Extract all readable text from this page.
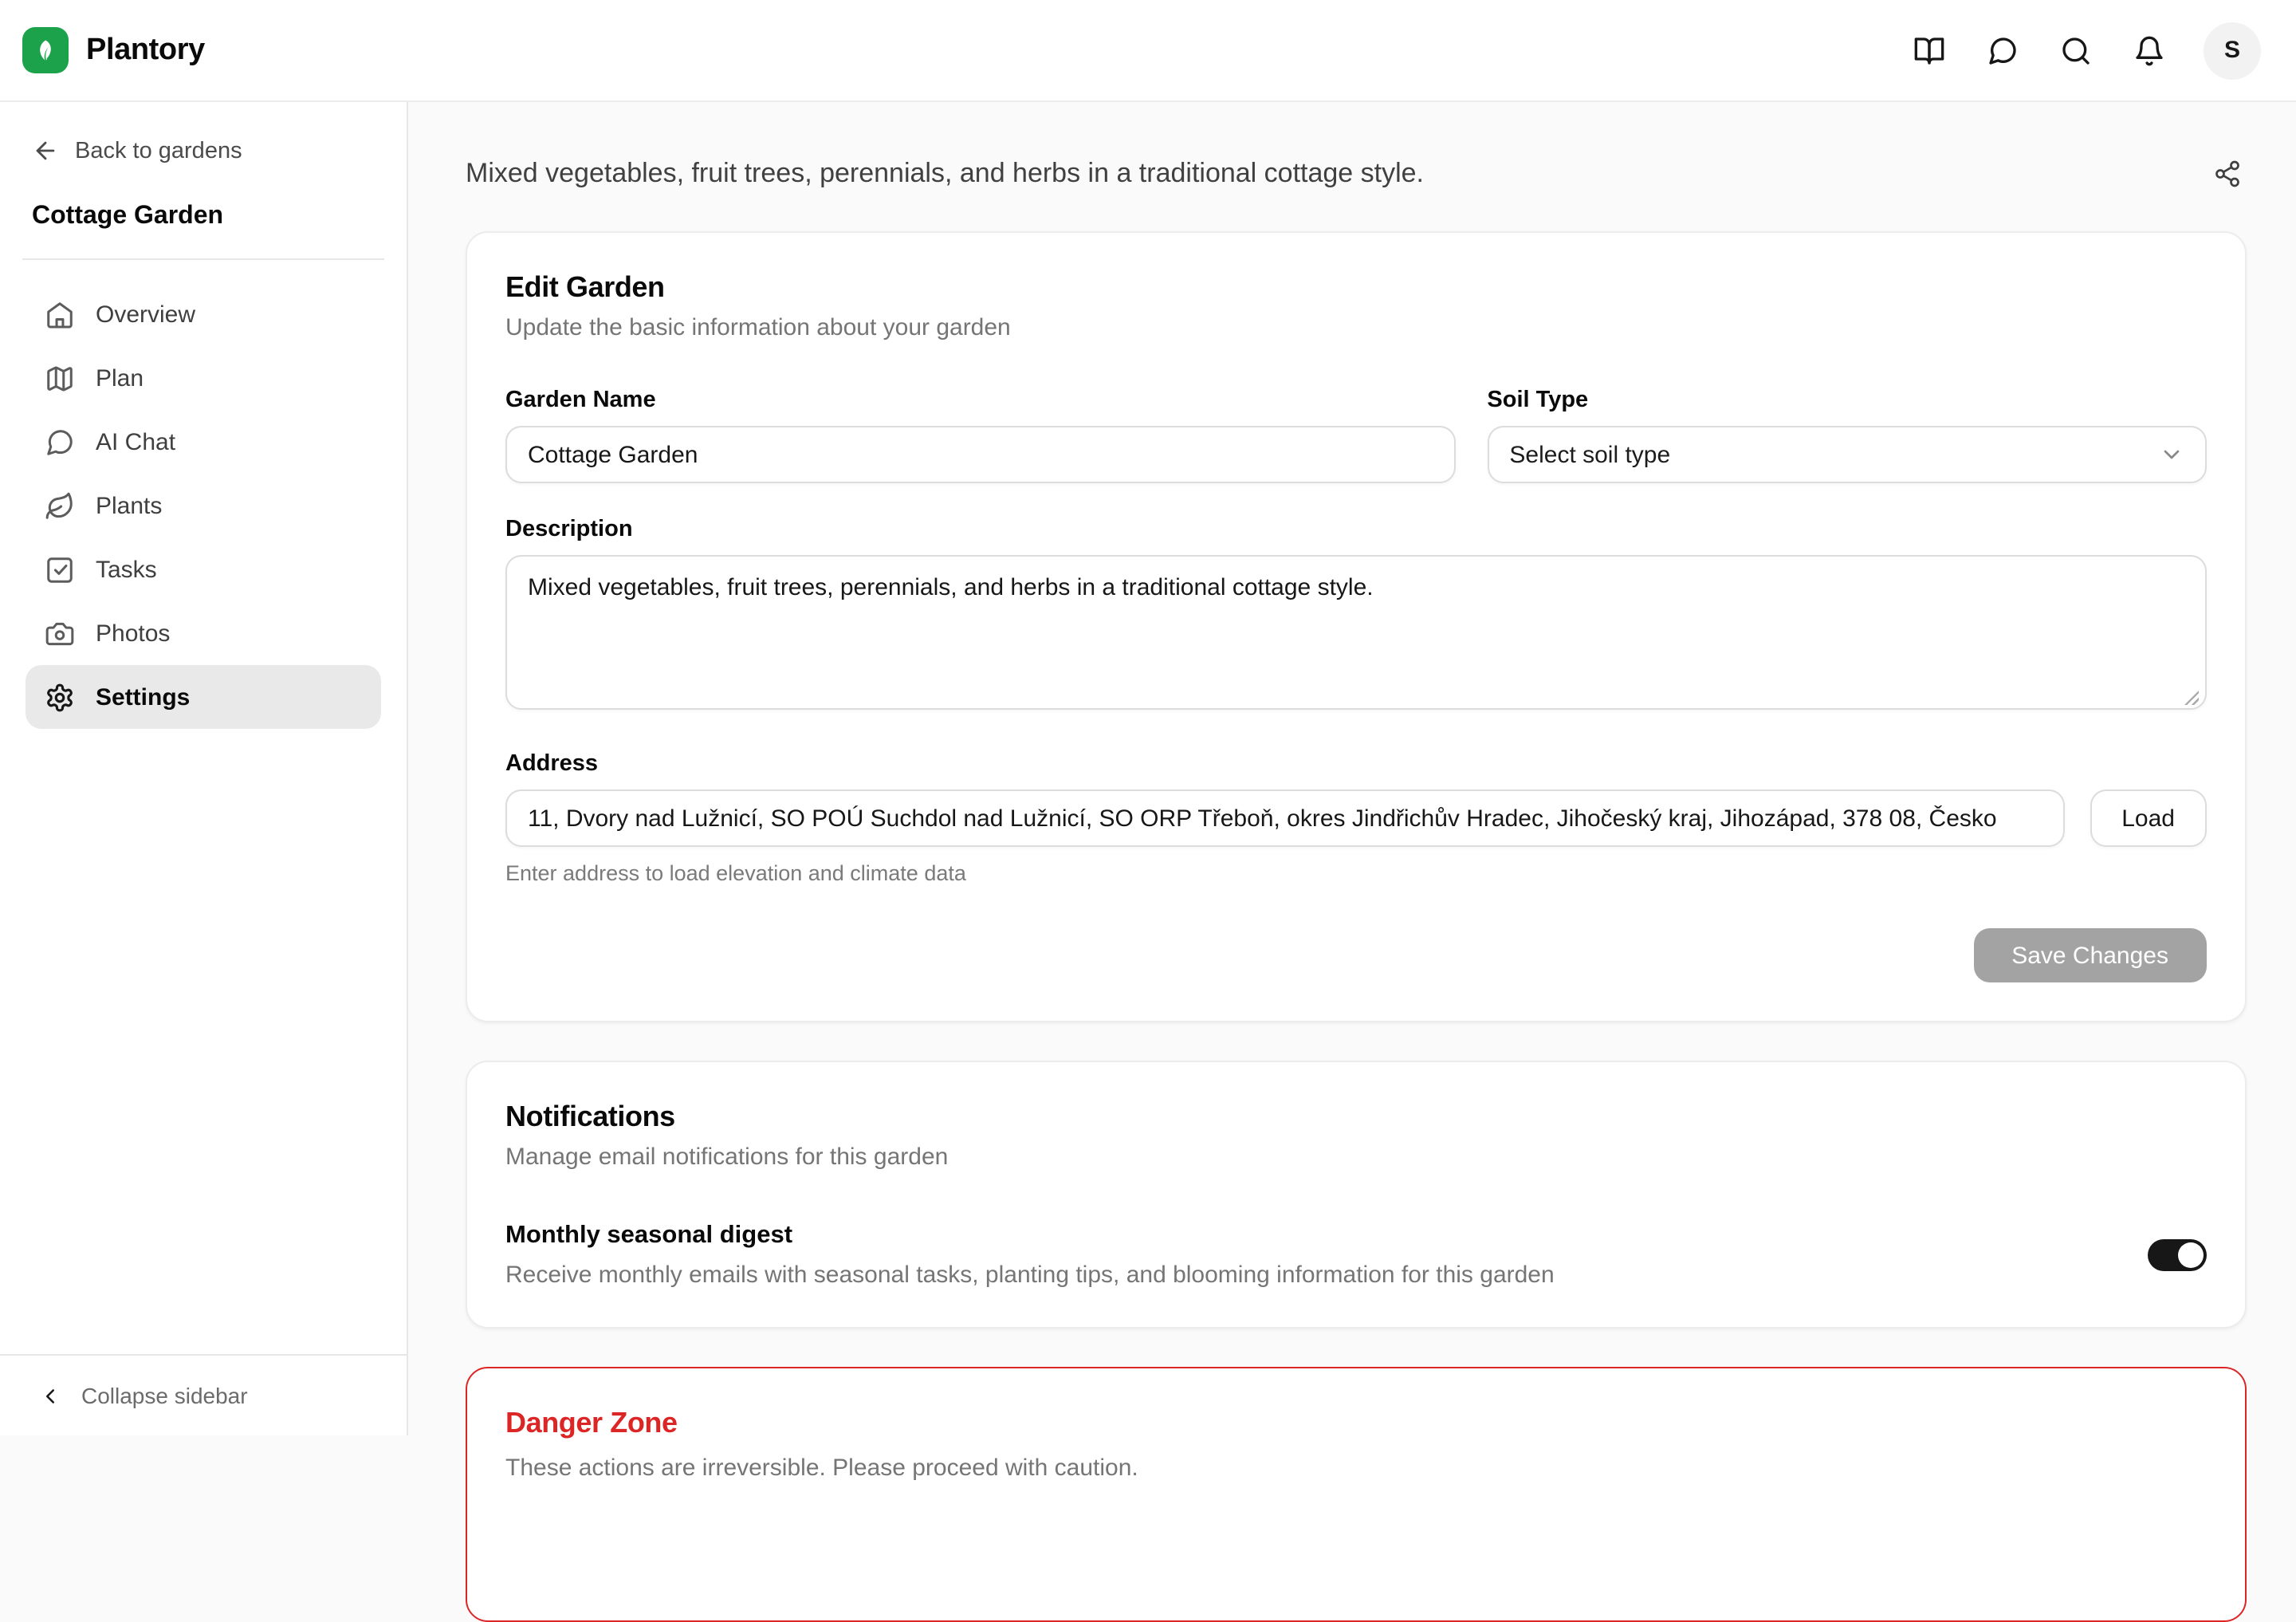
Plantory	S
Back to gardens
Cottage Garden
Overview
Plan
AI Chat
Plants
Tasks
Photos
Settings
Collapse sidebar
Mixed vegetables, fruit trees, perennials, and herbs in a traditional cottage style.
Edit Garden
Update the basic information about your garden
Garden Name
Cottage Garden	Soil Type
Select soil type
Description
Mixed vegetables, fruit trees, perennials, and herbs in a traditional cottage style.
Address
11, Dvory nad Lužnicí, SO POÚ Suchdol nad Lužnicí, SO ORP Třeboň, okres Jindřichův Hradec, Jihočeský kraj, Jihozápad, 378 08, Česko
Load
Enter address to load elevation and climate data
Save Changes
Notifications
Manage email notifications for this garden
Monthly seasonal digest
Receive monthly emails with seasonal tasks, planting tips, and blooming information for this garden
Danger Zone
These actions are irreversible. Please proceed with caution.
